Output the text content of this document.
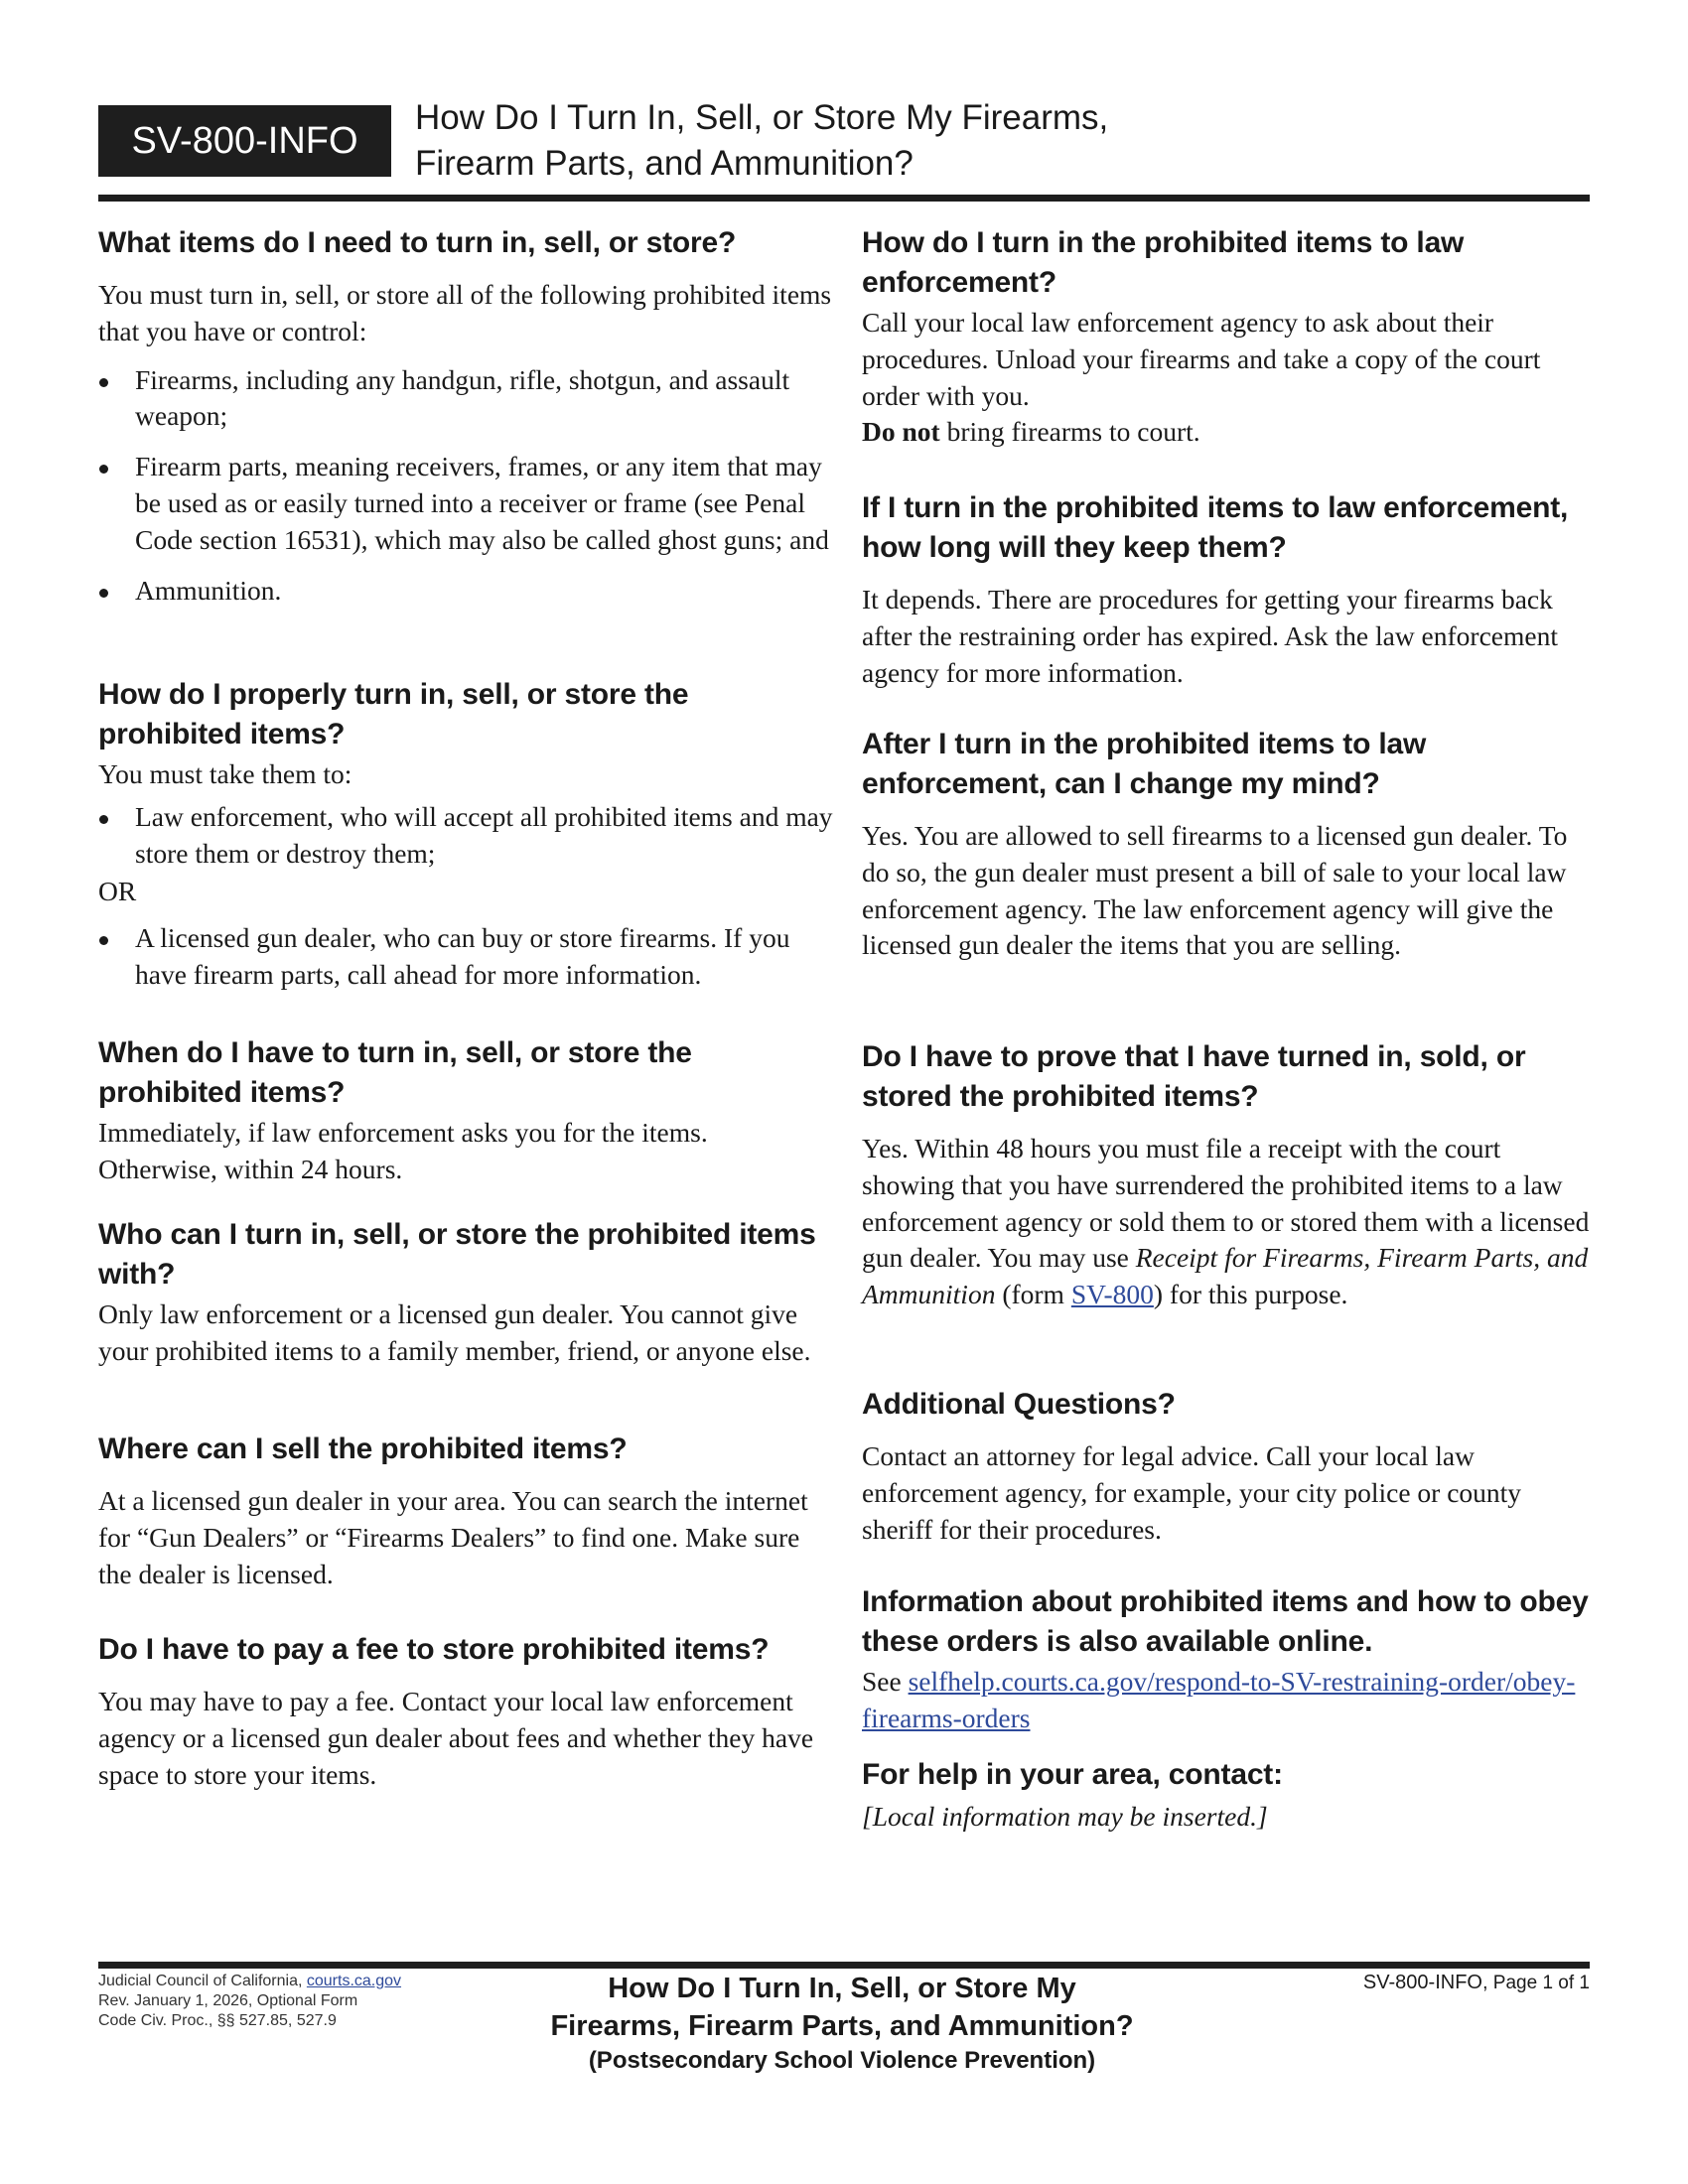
SV-800-INFO
How Do I Turn In, Sell, or Store My Firearms,
Firearm Parts, and Ammunition?
What items do I need to turn in, sell, or store?

You must turn in, sell, or store all of the following prohibited items that you have or control:

Firearms, including any handgun, rifle, shotgun, and assault weapon;
Firearm parts, meaning receivers, frames, or any item that may be used as or easily turned into a receiver or frame (see Penal Code section 16531), which may also be called ghost guns; and
Ammunition.
How do I properly turn in, sell, or store the prohibited items?

You must take them to:

Law enforcement, who will accept all prohibited items and may store them or destroy them;

OR

A licensed gun dealer, who can buy or store firearms. If you have firearm parts, call ahead for more information.
When do I have to turn in, sell, or store the prohibited items?

Immediately, if law enforcement asks you for the items. Otherwise, within 24 hours.

Who can I turn in, sell, or store the prohibited items with?

Only law enforcement or a licensed gun dealer. You cannot give your prohibited items to a family member, friend, or anyone else.

Where can I sell the prohibited items?

At a licensed gun dealer in your area. You can search the internet for “Gun Dealers” or “Firearms Dealers” to find one. Make sure the dealer is licensed.

Do I have to pay a fee to store prohibited items?

You may have to pay a fee. Contact your local law enforcement agency or a licensed gun dealer about fees and whether they have space to store your items.

How do I turn in the prohibited items to law enforcement?

Call your local law enforcement agency to ask about their procedures. Unload your firearms and take a copy of the court order with you.

Do not bring firearms to court.

If I turn in the prohibited items to law enforcement, how long will they keep them?

It depends. There are procedures for getting your firearms back after the restraining order has expired. Ask the law enforcement agency for more information.

After I turn in the prohibited items to law enforcement, can I change my mind?

Yes. You are allowed to sell firearms to a licensed gun dealer. To do so, the gun dealer must present a bill of sale to your local law enforcement agency. The law enforcement agency will give the licensed gun dealer the items that you are selling.

Do I have to prove that I have turned in, sold, or stored the prohibited items?

Yes. Within 48 hours you must file a receipt with the court showing that you have surrendered the prohibited items to a law enforcement agency or sold them to or stored them with a licensed gun dealer. You may use Receipt for Firearms, Firearm Parts, and Ammunition (form SV-800) for this purpose.

Additional Questions?

Contact an attorney for legal advice. Call your local law enforcement agency, for example, your city police or county sheriff for their procedures.

Information about prohibited items and how to obey these orders is also available online.

See selfhelp.courts.ca.gov/respond-to-SV-restraining-order/obey-firearms-orders

For help in your area, contact:

[Local information may be inserted.]

Judicial Council of California, courts.ca.gov
Rev. January 1, 2026, Optional Form
Code Civ. Proc., §§ 527.85, 527.9
How Do I Turn In, Sell, or Store My
Firearms, Firearm Parts, and Ammunition?
(Postsecondary School Violence Prevention)
SV-800-INFO, Page 1 of 1
